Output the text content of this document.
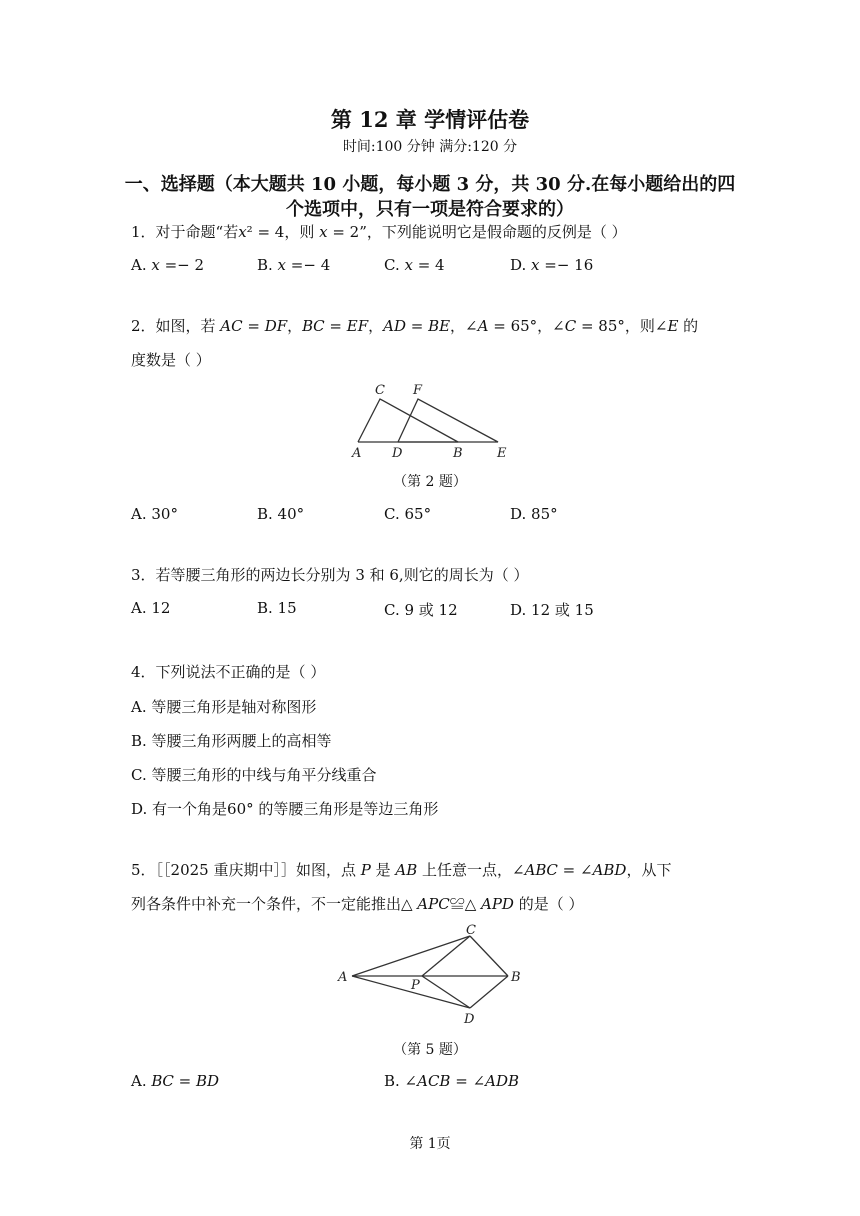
第 12 章 学情评估卷
时间:100 分钟 满分:120 分
一、选择题（本大题共 10 小题，每小题 3 分，共 30 分.在每小题给出的四个选项中，只有一项是符合要求的）
1．对于命题“若𝑥² = 4，则 𝑥 = 2”，下列能说明它是假命题的反例是（ ）
A. 𝑥 =− 2	B. 𝑥 =− 4	C. 𝑥 = 4	D. 𝑥 =− 16
2．如图，若 𝐴𝐶 = 𝐷𝐹，𝐵𝐶 = 𝐸𝐹，𝐴𝐷 = 𝐵𝐸，∠𝐴 = 65°，∠𝐶 = 85°，则∠𝐸 的
度数是（ ）
C F
A D	B	E
（第 2 题）
A. 30°	B. 40°	C. 65°	D. 85°
3．若等腰三角形的两边长分别为 3 和 6,则它的周长为（ ）
A. 12	B. 15	C. 9 或 12	D. 12 或 15
4．下列说法不正确的是（ ）
A. 等腰三角形是轴对称图形
B. 等腰三角形两腰上的高相等
C. 等腰三角形的中线与角平分线重合
D. 有一个角是60° 的等腰三角形是等边三角形
5．［［2025 重庆期中］］如图，点 𝑃 是 𝐴𝐵 上任意一点，∠𝐴𝐵𝐶 = ∠𝐴𝐵𝐷，从下
列各条件中补充一个条件，不一定能推出△ 𝐴𝑃𝐶≌△ 𝐴𝑃𝐷 的是（ ）
C
A
P
B
D
（第 5 题）
A. 𝐵𝐶 = 𝐵𝐷	B. ∠𝐴𝐶𝐵 = ∠𝐴𝐷𝐵
第 1页
